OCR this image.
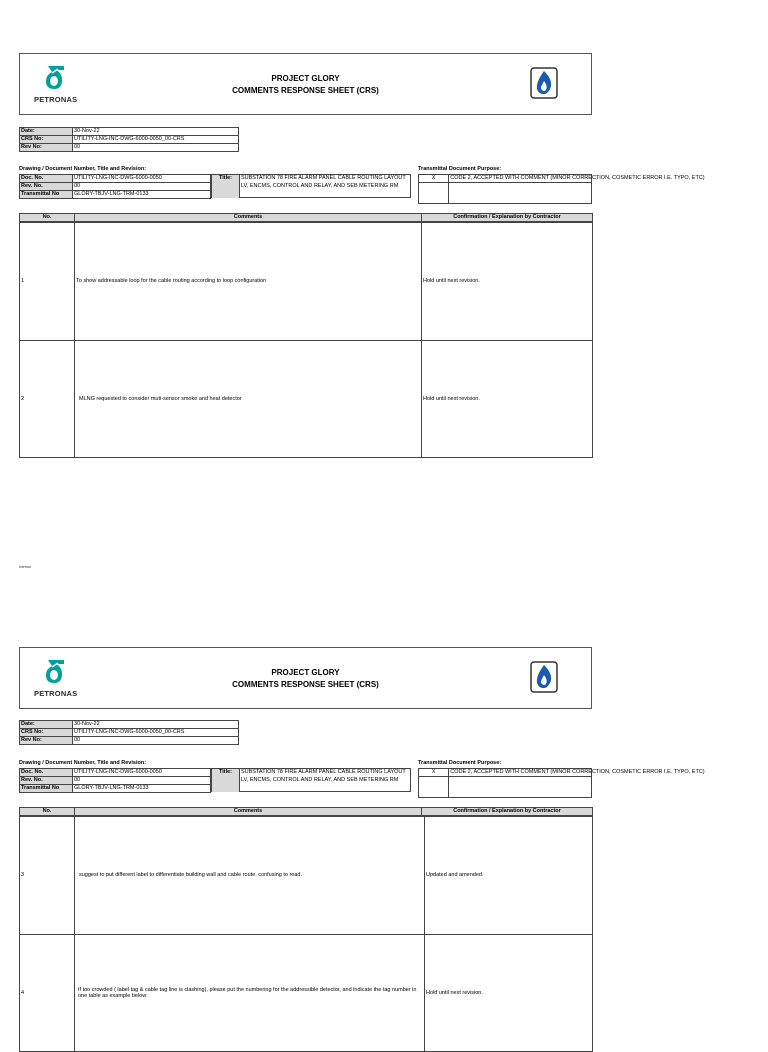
PETRONAS
PROJECT GLORY
COMMENTS RESPONSE SHEET (CRS)
Date:	30-Nov-22
CRS No:	UTILITY-LNG-INC-DWG-6000-0050_00-CRS
Rev No:	00
Drawing / Document Number, Title and Revision:	Transmittal Document Purpose:
Doc. No.	UTILITY-LNG-INC-DWG-6000-0050
Rev. No.	00
Transmittal No	GLORY-TBJV-LNG-TRM-0133
Title:	SUBSTATION 78 FIRE ALARM PANEL CABLE ROUTING LAYOUT LV, ENCMS, CONTROL AND RELAY, AND SEB METERING RM
X	CODE 2, ACCEPTED WITH COMMENT (MINOR CORRECTION, COSMETIC ERROR I.E. TYPO, ETC)

No.	Comments	Confirmation / Explanation by Contractor
1	To show addressable loop for the cable routing according to loop configuration	Hold until next revision.
2	MLNG requested to consider muti-sensor smoke and heat detector	Hold until next revision.
Internal
PETRONAS
PROJECT GLORY
COMMENTS RESPONSE SHEET (CRS)
Date:	30-Nov-22
CRS No:	UTILITY-LNG-INC-DWG-6000-0050_00-CRS
Rev No:	00
Drawing / Document Number, Title and Revision:	Transmittal Document Purpose:
Doc. No.	UTILITY-LNG-INC-DWG-6000-0050
Rev. No.	00
Transmittal No	GLORY-TBJV-LNG-TRM-0133
Title:	SUBSTATION 78 FIRE ALARM PANEL CABLE ROUTING LAYOUT LV, ENCMS, CONTROL AND RELAY, AND SEB METERING RM
X	CODE 2, ACCEPTED WITH COMMENT (MINOR CORRECTION, COSMETIC ERROR I.E. TYPO, ETC)

No.	Comments	Confirmation / Explanation by Contractor
3	suggest to put different label to differentiate building wall and cable route. confusing to read.	Updated and amended.
4	If too crowded ( label tag & cable tag line is clashing), please put the numbering for the addressible detector, and indicate the tag number in one table as example below:	Hold until next revision.
